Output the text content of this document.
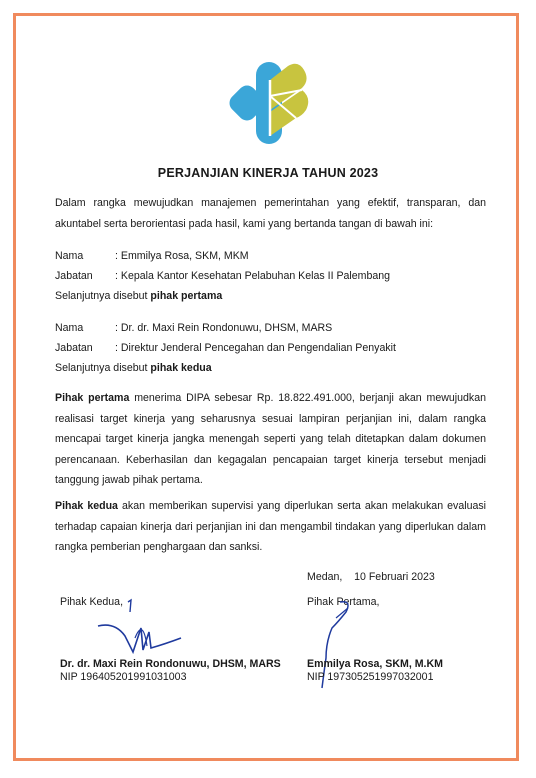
PERJANJIAN KINERJA TAHUN 2023
Dalam rangka mewujudkan manajemen pemerintahan yang efektif, transparan, dan akuntabel serta berorientasi pada hasil, kami yang bertanda tangan di bawah ini:
Nama	: Emmilya Rosa, SKM, MKM
Jabatan : Kepala Kantor Kesehatan Pelabuhan Kelas II Palembang
Selanjutnya disebut pihak pertama
Nama	: Dr. dr. Maxi Rein Rondonuwu, DHSM, MARS
Jabatan : Direktur Jenderal Pencegahan dan Pengendalian Penyakit
Selanjutnya disebut pihak kedua
Pihak pertama menerima DIPA sebesar Rp. 18.822.491.000, berjanji akan mewujudkan realisasi target kinerja yang seharusnya sesuai lampiran perjanjian ini, dalam rangka mencapai target kinerja jangka menengah seperti yang telah ditetapkan dalam dokumen perencanaan. Keberhasilan dan kegagalan pencapaian target kinerja tersebut menjadi tanggung jawab pihak pertama.
Pihak kedua akan memberikan supervisi yang diperlukan serta akan melakukan evaluasi terhadap capaian kinerja dari perjanjian ini dan mengambil tindakan yang diperlukan dalam rangka pemberian penghargaan dan sanksi.
Medan,    10 Februari 2023
Pihak Kedua,	Pihak Pertama,
Dr. dr. Maxi Rein Rondonuwu, DHSM, MARS
NIP 196405201991031003
Emmilya Rosa, SKM, M.KM
NIP 197305251997032001
